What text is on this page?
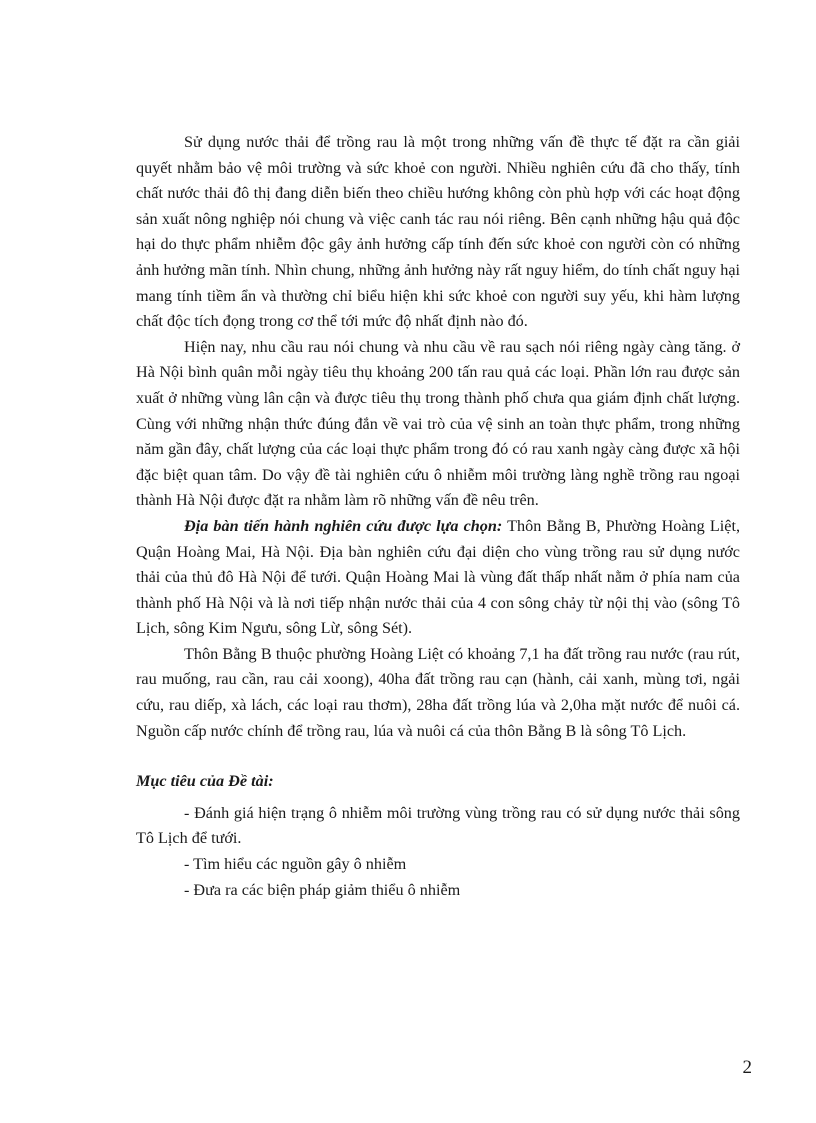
Sử dụng nước thải để trồng rau là một trong những vấn đề thực tế đặt ra cần giải quyết nhằm bảo vệ môi trường và sức khoẻ con người. Nhiều nghiên cứu đã cho thấy, tính chất nước thải đô thị đang diễn biến theo chiều hướng không còn phù hợp với các hoạt động sản xuất nông nghiệp nói chung và việc canh tác rau nói riêng. Bên cạnh những hậu quả độc hại do thực phẩm nhiễm độc gây ảnh hưởng cấp tính đến sức khoẻ con người còn có những ảnh hưởng mãn tính. Nhìn chung, những ảnh hưởng này rất nguy hiểm, do tính chất nguy hại mang tính tiềm ẩn và thường chỉ biểu hiện khi sức khoẻ con người suy yếu, khi hàm lượng chất độc tích đọng trong cơ thể tới mức độ nhất định nào đó.

Hiện nay, nhu cầu rau nói chung và nhu cầu về rau sạch nói riêng ngày càng tăng. ở Hà Nội bình quân mỗi ngày tiêu thụ khoảng 200 tấn rau quả các loại. Phần lớn rau được sản xuất ở những vùng lân cận và được tiêu thụ trong thành phố chưa qua giám định chất lượng. Cùng với những nhận thức đúng đắn về vai trò của vệ sinh an toàn thực phẩm, trong những năm gần đây, chất lượng của các loại thực phẩm trong đó có rau xanh ngày càng được xã hội đặc biệt quan tâm. Do vậy đề tài nghiên cứu ô nhiễm môi trường làng nghề trồng rau ngoại thành Hà Nội được đặt ra nhằm làm rõ những vấn đề nêu trên.

Địa bàn tiến hành nghiên cứu được lựa chọn: Thôn Bằng B, Phường Hoàng Liệt, Quận Hoàng Mai, Hà Nội. Địa bàn nghiên cứu đại diện cho vùng trồng rau sử dụng nước thải của thủ đô Hà Nội để tưới. Quận Hoàng Mai là vùng đất thấp nhất nằm ở phía nam của thành phố Hà Nội và là nơi tiếp nhận nước thải của 4 con sông chảy từ nội thị vào (sông Tô Lịch, sông Kim Ngưu, sông Lừ, sông Sét).

Thôn Bằng B thuộc phường Hoàng Liệt có khoảng 7,1 ha đất trồng rau nước (rau rút, rau muống, rau cần, rau cải xoong), 40ha đất trồng rau cạn (hành, cải xanh, mùng tơi, ngải cứu, rau diếp, xà lách, các loại rau thơm), 28ha đất trồng lúa và 2,0ha mặt nước để nuôi cá. Nguồn cấp nước chính để trồng rau, lúa và nuôi cá của thôn Bằng B là sông Tô Lịch.

Mục tiêu của Đề tài:

- Đánh giá hiện trạng ô nhiễm môi trường vùng trồng rau có sử dụng nước thải sông Tô Lịch để tưới.

- Tìm hiểu các nguồn gây ô nhiễm

- Đưa ra các biện pháp giảm thiểu ô nhiễm

2
